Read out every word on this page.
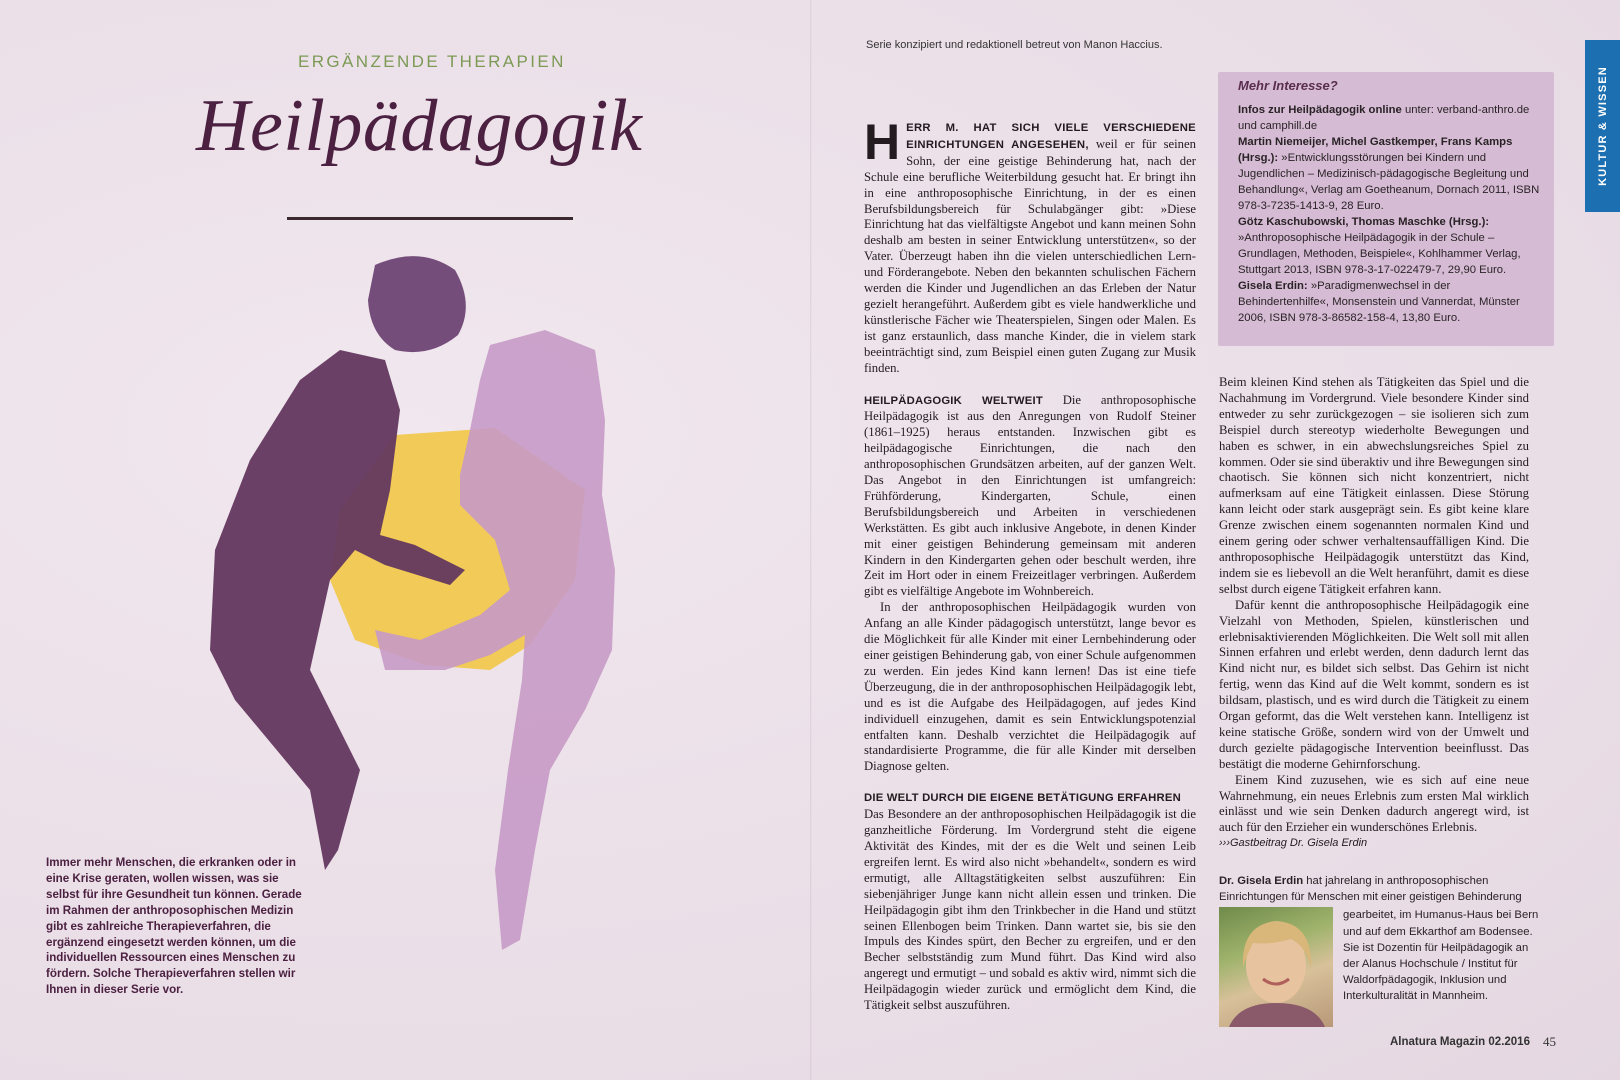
ERGÄNZENDE THERAPIEN
Heilpädagogik
Immer mehr Menschen, die erkranken oder in eine Krise geraten, wollen wissen, was sie selbst für ihre Gesundheit tun können. Gerade im Rahmen der anthroposophischen Medizin gibt es zahlreiche Therapieverfahren, die ergänzend eingesetzt werden können, um die individuellen Ressourcen eines Menschen zu fördern. Solche Therapieverfahren stellen wir Ihnen in dieser Serie vor.
Serie konzipiert und redaktionell betreut von Manon Haccius.
KULTUR & WISSEN

HERR M. HAT SICH VIELE VERSCHIEDENE EINRICHTUNGEN ANGESEHEN, weil er für seinen Sohn, der eine geistige Behinderung hat, nach der Schule eine berufliche Weiterbildung gesucht hat. Er bringt ihn in eine anthroposophische Einrichtung, in der es einen Berufsbildungsbereich für Schulabgänger gibt: »Diese Einrichtung hat das vielfältigste Angebot und kann meinen Sohn deshalb am besten in seiner Entwicklung unterstützen«, so der Vater. Überzeugt haben ihn die vielen unterschiedlichen Lern- und Förderangebote. Neben den bekannten schulischen Fächern werden die Kinder und Jugendlichen an das Erleben der Natur gezielt herangeführt. Außerdem gibt es viele handwerkliche und künstlerische Fächer wie Theaterspielen, Singen oder Malen. Es ist ganz erstaunlich, dass manche Kinder, die in vielem stark beeinträchtigt sind, zum Beispiel einen guten Zugang zur Musik finden.

HEILPÄDAGOGIK WELTWEIT Die anthroposophische Heilpädagogik ist aus den Anregungen von Rudolf Steiner (1861–1925) heraus entstanden. Inzwischen gibt es heilpädagogische Einrichtungen, die nach den anthroposophischen Grundsätzen arbeiten, auf der ganzen Welt. Das Angebot in den Einrichtungen ist umfangreich: Frühförderung, Kindergarten, Schule, einen Berufsbildungsbereich und Arbeiten in verschiedenen Werkstätten. Es gibt auch inklusive Angebote, in denen Kinder mit einer geistigen Behinderung gemeinsam mit anderen Kindern in den Kindergarten gehen oder beschult werden, ihre Zeit im Hort oder in einem Freizeitlager verbringen. Außerdem gibt es vielfältige Angebote im Wohnbereich.

In der anthroposophischen Heilpädagogik wurden von Anfang an alle Kinder pädagogisch unterstützt, lange bevor es die Möglichkeit für alle Kinder mit einer Lernbehinderung oder einer geistigen Behinderung gab, von einer Schule aufgenommen zu werden. Ein jedes Kind kann lernen! Das ist eine tiefe Überzeugung, die in der anthroposophischen Heilpädagogik lebt, und es ist die Aufgabe des Heilpädagogen, auf jedes Kind individuell einzugehen, damit es sein Entwicklungspotenzial entfalten kann. Deshalb verzichtet die Heilpädagogik auf standardisierte Programme, die für alle Kinder mit derselben Diagnose gelten.

DIE WELT DURCH DIE EIGENE BETÄTIGUNG ERFAHREN

Das Besondere an der anthroposophischen Heilpädagogik ist die ganzheitliche Förderung. Im Vordergrund steht die eigene Aktivität des Kindes, mit der es die Welt und seinen Leib ergreifen lernt. Es wird also nicht »behandelt«, sondern es wird ermutigt, alle Alltagstätigkeiten selbst auszuführen: Ein siebenjähriger Junge kann nicht allein essen und trinken. Die Heilpädagogin gibt ihm den Trinkbecher in die Hand und stützt seinen Ellenbogen beim Trinken. Dann wartet sie, bis sie den Impuls des Kindes spürt, den Becher zu ergreifen, und er den Becher selbstständig zum Mund führt. Das Kind wird also angeregt und ermutigt – und sobald es aktiv wird, nimmt sich die Heilpädagogin wieder zurück und ermöglicht dem Kind, die Tätigkeit selbst auszuführen.

Mehr Interesse?

Infos zur Heilpädagogik online unter: verband-anthro.de und camphill.de

Martin Niemeijer, Michel Gastkemper, Frans Kamps (Hrsg.): »Entwicklungsstörungen bei Kindern und Jugendlichen – Medizinisch-pädagogische Begleitung und Behandlung«, Verlag am Goetheanum, Dornach 2011, ISBN 978-3-7235-1413-9, 28 Euro.

Götz Kaschubowski, Thomas Maschke (Hrsg.): »Anthroposophische Heilpädagogik in der Schule – Grundlagen, Methoden, Beispiele«, Kohlhammer Verlag, Stuttgart 2013, ISBN 978-3-17-022479-7, 29,90 Euro.

Gisela Erdin: »Paradigmenwechsel in der Behindertenhilfe«, Monsenstein und Vannerdat, Münster 2006, ISBN 978-3-86582-158-4, 13,80 Euro.

Beim kleinen Kind stehen als Tätigkeiten das Spiel und die Nachahmung im Vordergrund. Viele besondere Kinder sind entweder zu sehr zurückgezogen – sie isolieren sich zum Beispiel durch stereotyp wiederholte Bewegungen und haben es schwer, in ein abwechslungsreiches Spiel zu kommen. Oder sie sind überaktiv und ihre Bewegungen sind chaotisch. Sie können sich nicht konzentriert, nicht aufmerksam auf eine Tätigkeit einlassen. Diese Störung kann leicht oder stark ausgeprägt sein. Es gibt keine klare Grenze zwischen einem sogenannten normalen Kind und einem gering oder schwer verhaltensauffälligen Kind. Die anthroposophische Heilpädagogik unterstützt das Kind, indem sie es liebevoll an die Welt heranführt, damit es diese selbst durch eigene Tätigkeit erfahren kann.

Dafür kennt die anthroposophische Heilpädagogik eine Vielzahl von Methoden, Spielen, künstlerischen und erlebnisaktivierenden Möglichkeiten. Die Welt soll mit allen Sinnen erfahren und erlebt werden, denn dadurch lernt das Kind nicht nur, es bildet sich selbst. Das Gehirn ist nicht fertig, wenn das Kind auf die Welt kommt, sondern es ist bildsam, plastisch, und es wird durch die Tätigkeit zu einem Organ geformt, das die Welt verstehen kann. Intelligenz ist keine statische Größe, sondern wird von der Umwelt und durch gezielte pädagogische Intervention beeinflusst. Das bestätigt die moderne Gehirnforschung.

Einem Kind zuzusehen, wie es sich auf eine neue Wahrnehmung, ein neues Erlebnis zum ersten Mal wirklich einlässt und wie sein Denken dadurch angeregt wird, ist auch für den Erzieher ein wunderschönes Erlebnis.

›››Gastbeitrag Dr. Gisela Erdin

Dr. Gisela Erdin hat jahrelang in anthroposophischen Einrichtungen für Menschen mit einer geistigen Behinderung
gearbeitet, im Humanus-Haus bei Bern und auf dem Ekkarthof am Bodensee. Sie ist Dozentin für Heilpädagogik an der Alanus Hochschule / Institut für Waldorfpädagogik, Inklusion und Interkulturalität in Mannheim.
Alnatura Magazin 02.2016 45
